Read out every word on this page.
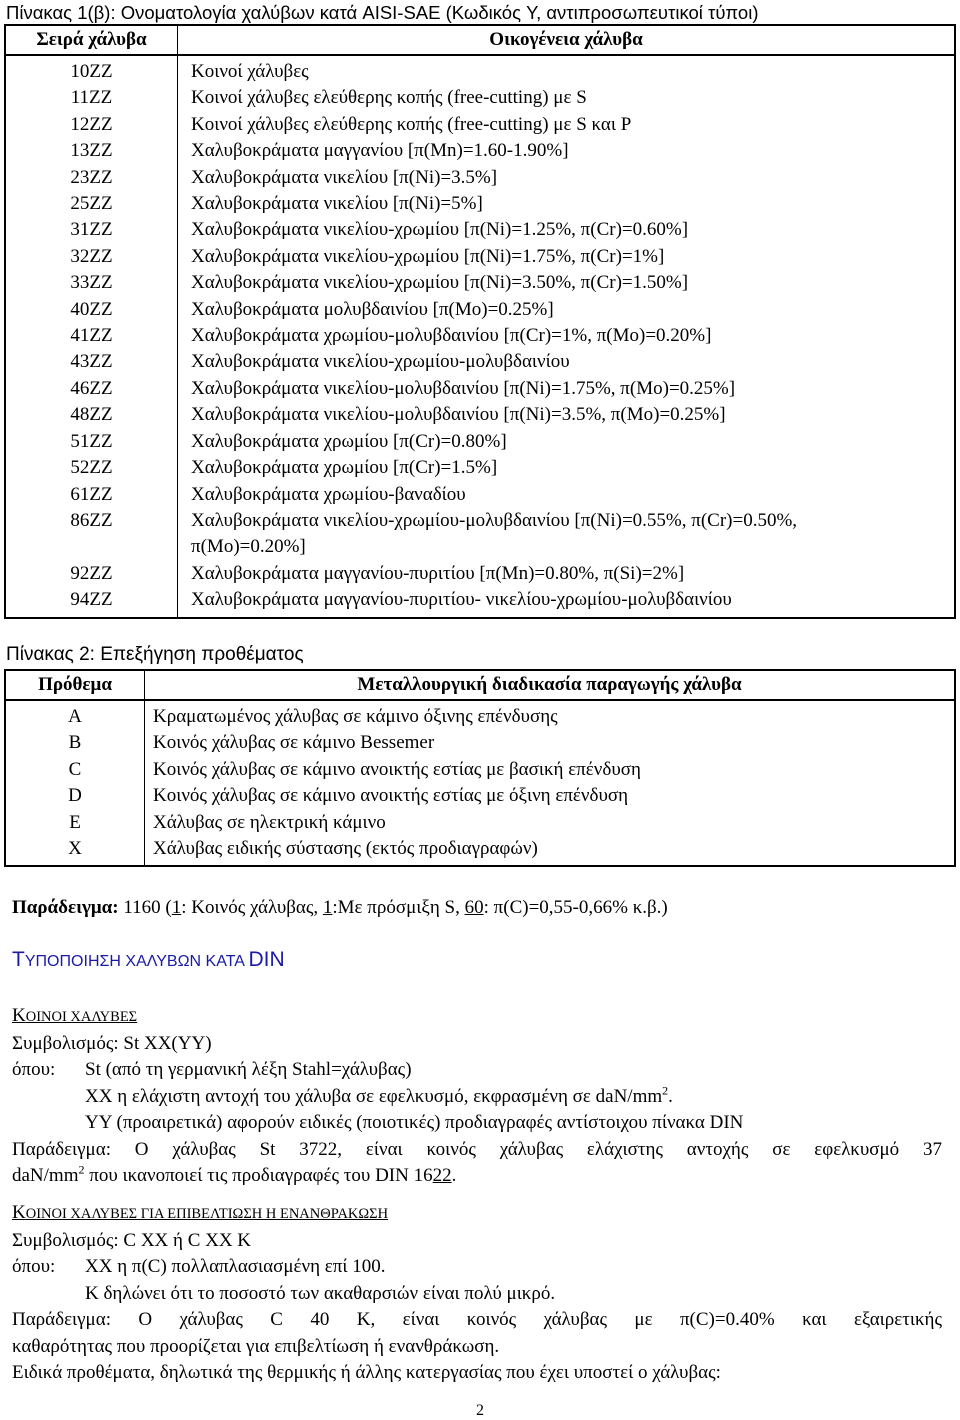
Πίνακας 1(β): Ονοματολογία χαλύβων κατά AISI-SAE (Κωδικός Y, αντιπροσωπευτικοί τύποι)
Σειρά χάλυβα	Οικογένεια χάλυβα
10ZZ	Κοινοί χάλυβες
11ZZ	Κοινοί χάλυβες ελεύθερης κοπής (free-cutting) με S
12ZZ	Κοινοί χάλυβες ελεύθερης κοπής (free-cutting) με S και P
13ZZ	Χαλυβοκράματα μαγγανίου [π(Mn)=1.60-1.90%]
23ZZ	Χαλυβοκράματα νικελίου [π(Ni)=3.5%]
25ZZ	Χαλυβοκράματα νικελίου [π(Ni)=5%]
31ZZ	Χαλυβοκράματα νικελίου-χρωμίου [π(Ni)=1.25%, π(Cr)=0.60%]
32ZZ	Χαλυβοκράματα νικελίου-χρωμίου [π(Ni)=1.75%, π(Cr)=1%]
33ZZ	Χαλυβοκράματα νικελίου-χρωμίου [π(Ni)=3.50%, π(Cr)=1.50%]
40ZZ	Χαλυβοκράματα μολυβδαινίου [π(Mo)=0.25%]
41ZZ	Χαλυβοκράματα χρωμίου-μολυβδαινίου [π(Cr)=1%, π(Mo)=0.20%]
43ZZ	Χαλυβοκράματα νικελίου-χρωμίου-μολυβδαινίου
46ZZ	Χαλυβοκράματα νικελίου-μολυβδαινίου [π(Ni)=1.75%, π(Mo)=0.25%]
48ZZ	Χαλυβοκράματα νικελίου-μολυβδαινίου [π(Ni)=3.5%, π(Mo)=0.25%]
51ZZ	Χαλυβοκράματα χρωμίου [π(Cr)=0.80%]
52ZZ	Χαλυβοκράματα χρωμίου [π(Cr)=1.5%]
61ZZ	Χαλυβοκράματα χρωμίου-βαναδίου
86ZZ	Χαλυβοκράματα νικελίου-χρωμίου-μολυβδαινίου [π(Ni)=0.55%, π(Cr)=0.50%,
π(Mo)=0.20%]
92ZZ	Χαλυβοκράματα μαγγανίου-πυριτίου [π(Mn)=0.80%, π(Si)=2%]
94ZZ	Χαλυβοκράματα μαγγανίου-πυριτίου- νικελίου-χρωμίου-μολυβδαινίου
Πίνακας 2: Επεξήγηση προθέματος
Πρόθεμα	Μεταλλουργική διαδικασία παραγωγής χάλυβα
A	Κραματωμένος χάλυβας σε κάμινο όξινης επένδυσης
B	Κοινός χάλυβας σε κάμινο Bessemer
C	Κοινός χάλυβας σε κάμινο ανοικτής εστίας με βασική επένδυση
D	Κοινός χάλυβας σε κάμινο ανοικτής εστίας με όξινη επένδυση
E	Χάλυβας σε ηλεκτρική κάμινο
X	Χάλυβας ειδικής σύστασης (εκτός προδιαγραφών)
Παράδειγμα: 1160 (1: Κοινός χάλυβας, 1:Με πρόσμιξη S, 60: π(C)=0,55-0,66% κ.β.)
ΤΥΠΟΠΟΙΗΣΗ ΧΑΛΥΒΩΝ ΚΑΤΑ DIN
ΚΟΙΝΟΙ ΧΑΛΥΒΕΣ
Συμβολισμός: St XX(YY)
όπου: St (από τη γερμανική λέξη Stahl=χάλυβας)
XX η ελάχιστη αντοχή του χάλυβα σε εφελκυσμό, εκφρασμένη σε daN/$mm^2$.
YY (προαιρετικά) αφορούν ειδικές (ποιοτικές) προδιαγραφές αντίστοιχου πίνακα DIN
Παράδειγμα: Ο χάλυβας St 3722, είναι κοινός χάλυβας ελάχιστης αντοχής σε εφελκυσμό 37
daN/$mm^2$ που ικανοποιεί τις προδιαγραφές του DIN 1622.
ΚΟΙΝΟΙ ΧΑΛΥΒΕΣ ΓΙΑ ΕΠΙΒΕΛΤΙΩΣΗ Η ΕΝΑΝΘΡΑΚΩΣΗ
Συμβολισμός: C XX ή C XX K
όπου: XX η π(C) πολλαπλασιασμένη επί 100.
K δηλώνει ότι το ποσοστό των ακαθαρσιών είναι πολύ μικρό.
Παράδειγμα: Ο χάλυβας C 40 K, είναι κοινός χάλυβας με π(C)=0.40% και εξαιρετικής
καθαρότητας που προορίζεται για επιβελτίωση ή ενανθράκωση.
Ειδικά προθέματα, δηλωτικά της θερμικής ή άλλης κατεργασίας που έχει υποστεί ο χάλυβας:
2
